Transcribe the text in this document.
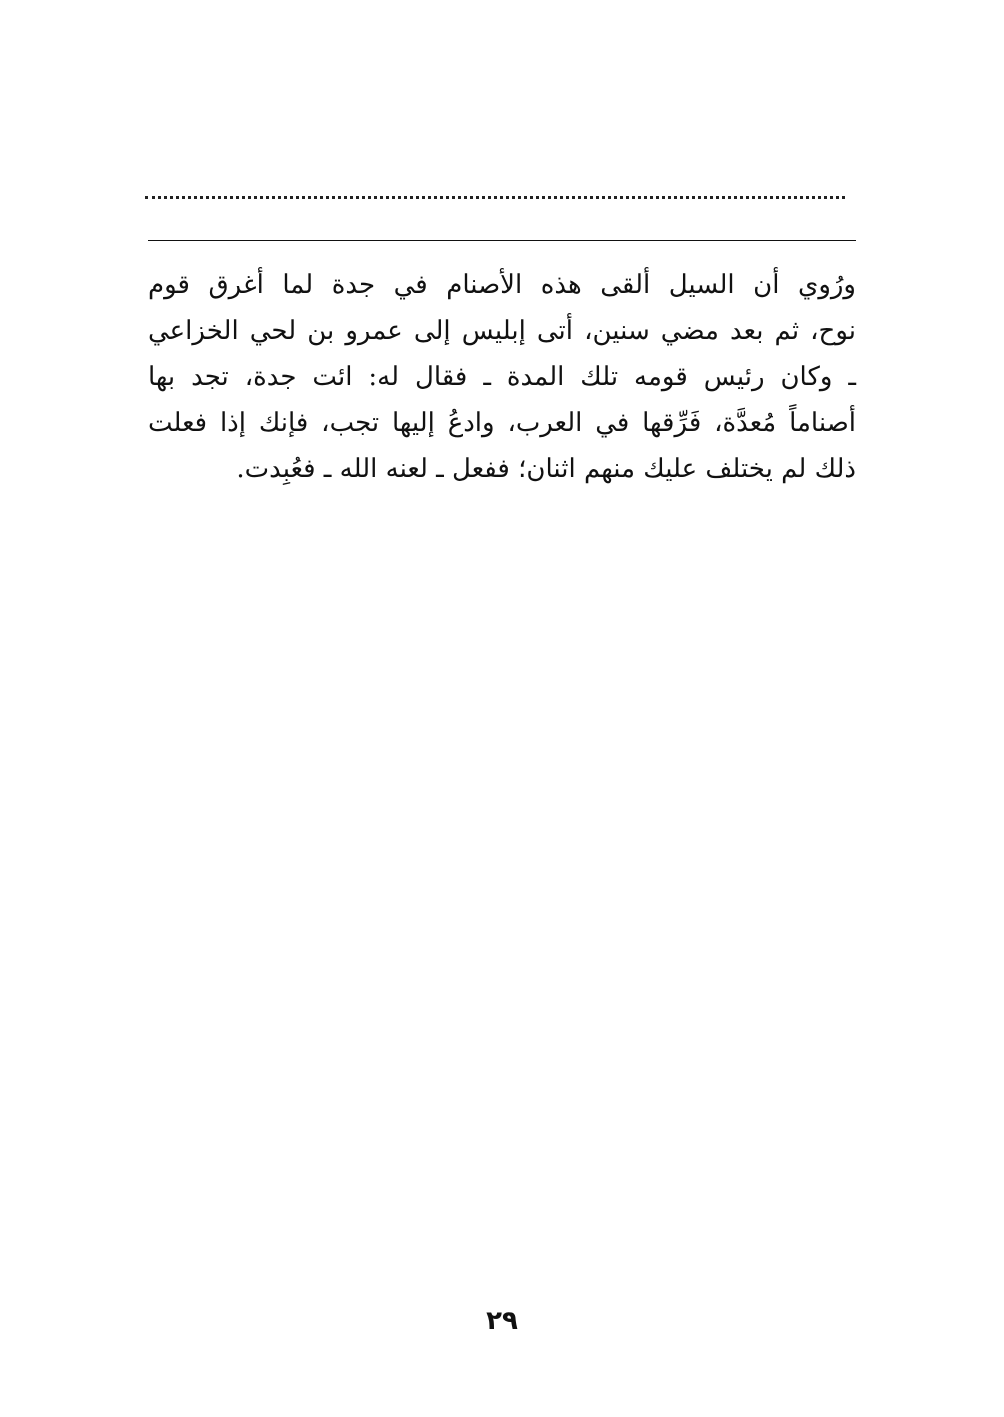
ورُوي أن السيل ألقى هذه الأصنام في جدة لما أغرق قوم
نوح، ثم بعد مضي سنين، أتى إبليس إلى عمرو بن لحي الخزاعي
ـ وكان رئيس قومه تلك المدة ـ فقال له: ائت جدة، تجد بها
أصناماً مُعدَّة، فَرِّقها في العرب، وادعُ إليها تجب، فإنك إذا فعلت
ذلك لم يختلف عليك منهم اثنان؛ ففعل ـ لعنه الله ـ فعُبِدت.
٢٩
